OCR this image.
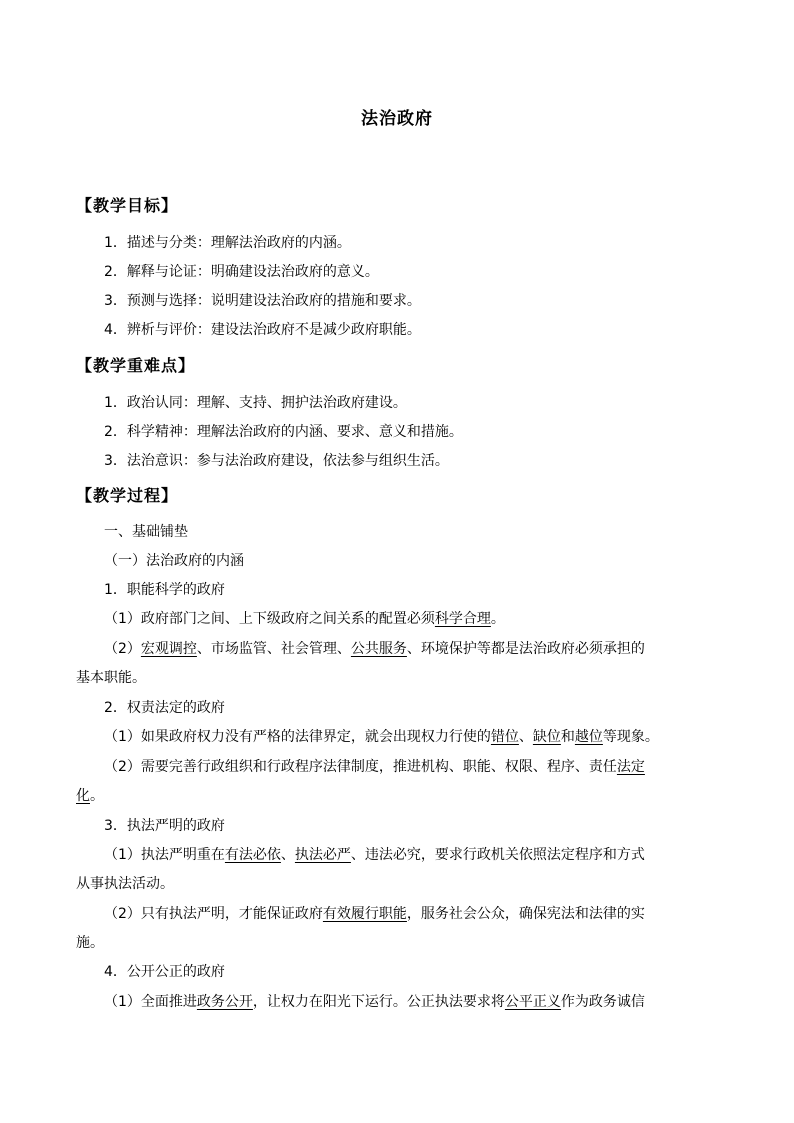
法治政府
【教学目标】
1．描述与分类：理解法治政府的内涵。
2．解释与论证：明确建设法治政府的意义。
3．预测与选择：说明建设法治政府的措施和要求。
4．辨析与评价：建设法治政府不是减少政府职能。
【教学重难点】
1．政治认同：理解、支持、拥护法治政府建设。
2．科学精神：理解法治政府的内涵、要求、意义和措施。
3．法治意识：参与法治政府建设，依法参与组织生活。
【教学过程】
一、基础铺垫
（一）法治政府的内涵
1．职能科学的政府
（1）政府部门之间、上下级政府之间关系的配置必须科学合理。
（2）宏观调控、市场监管、社会管理、公共服务、环境保护等都是法治政府必须承担的
基本职能。
2．权责法定的政府
（1）如果政府权力没有严格的法律界定，就会出现权力行使的错位、缺位和越位等现象。
（2）需要完善行政组织和行政程序法律制度，推进机构、职能、权限、程序、责任法定
化。
3．执法严明的政府
（1）执法严明重在有法必依、执法必严、违法必究，要求行政机关依照法定程序和方式
从事执法活动。
（2）只有执法严明，才能保证政府有效履行职能，服务社会公众，确保宪法和法律的实
施。
4．公开公正的政府
（1）全面推进政务公开，让权力在阳光下运行。公正执法要求将公平正义作为政务诚信
